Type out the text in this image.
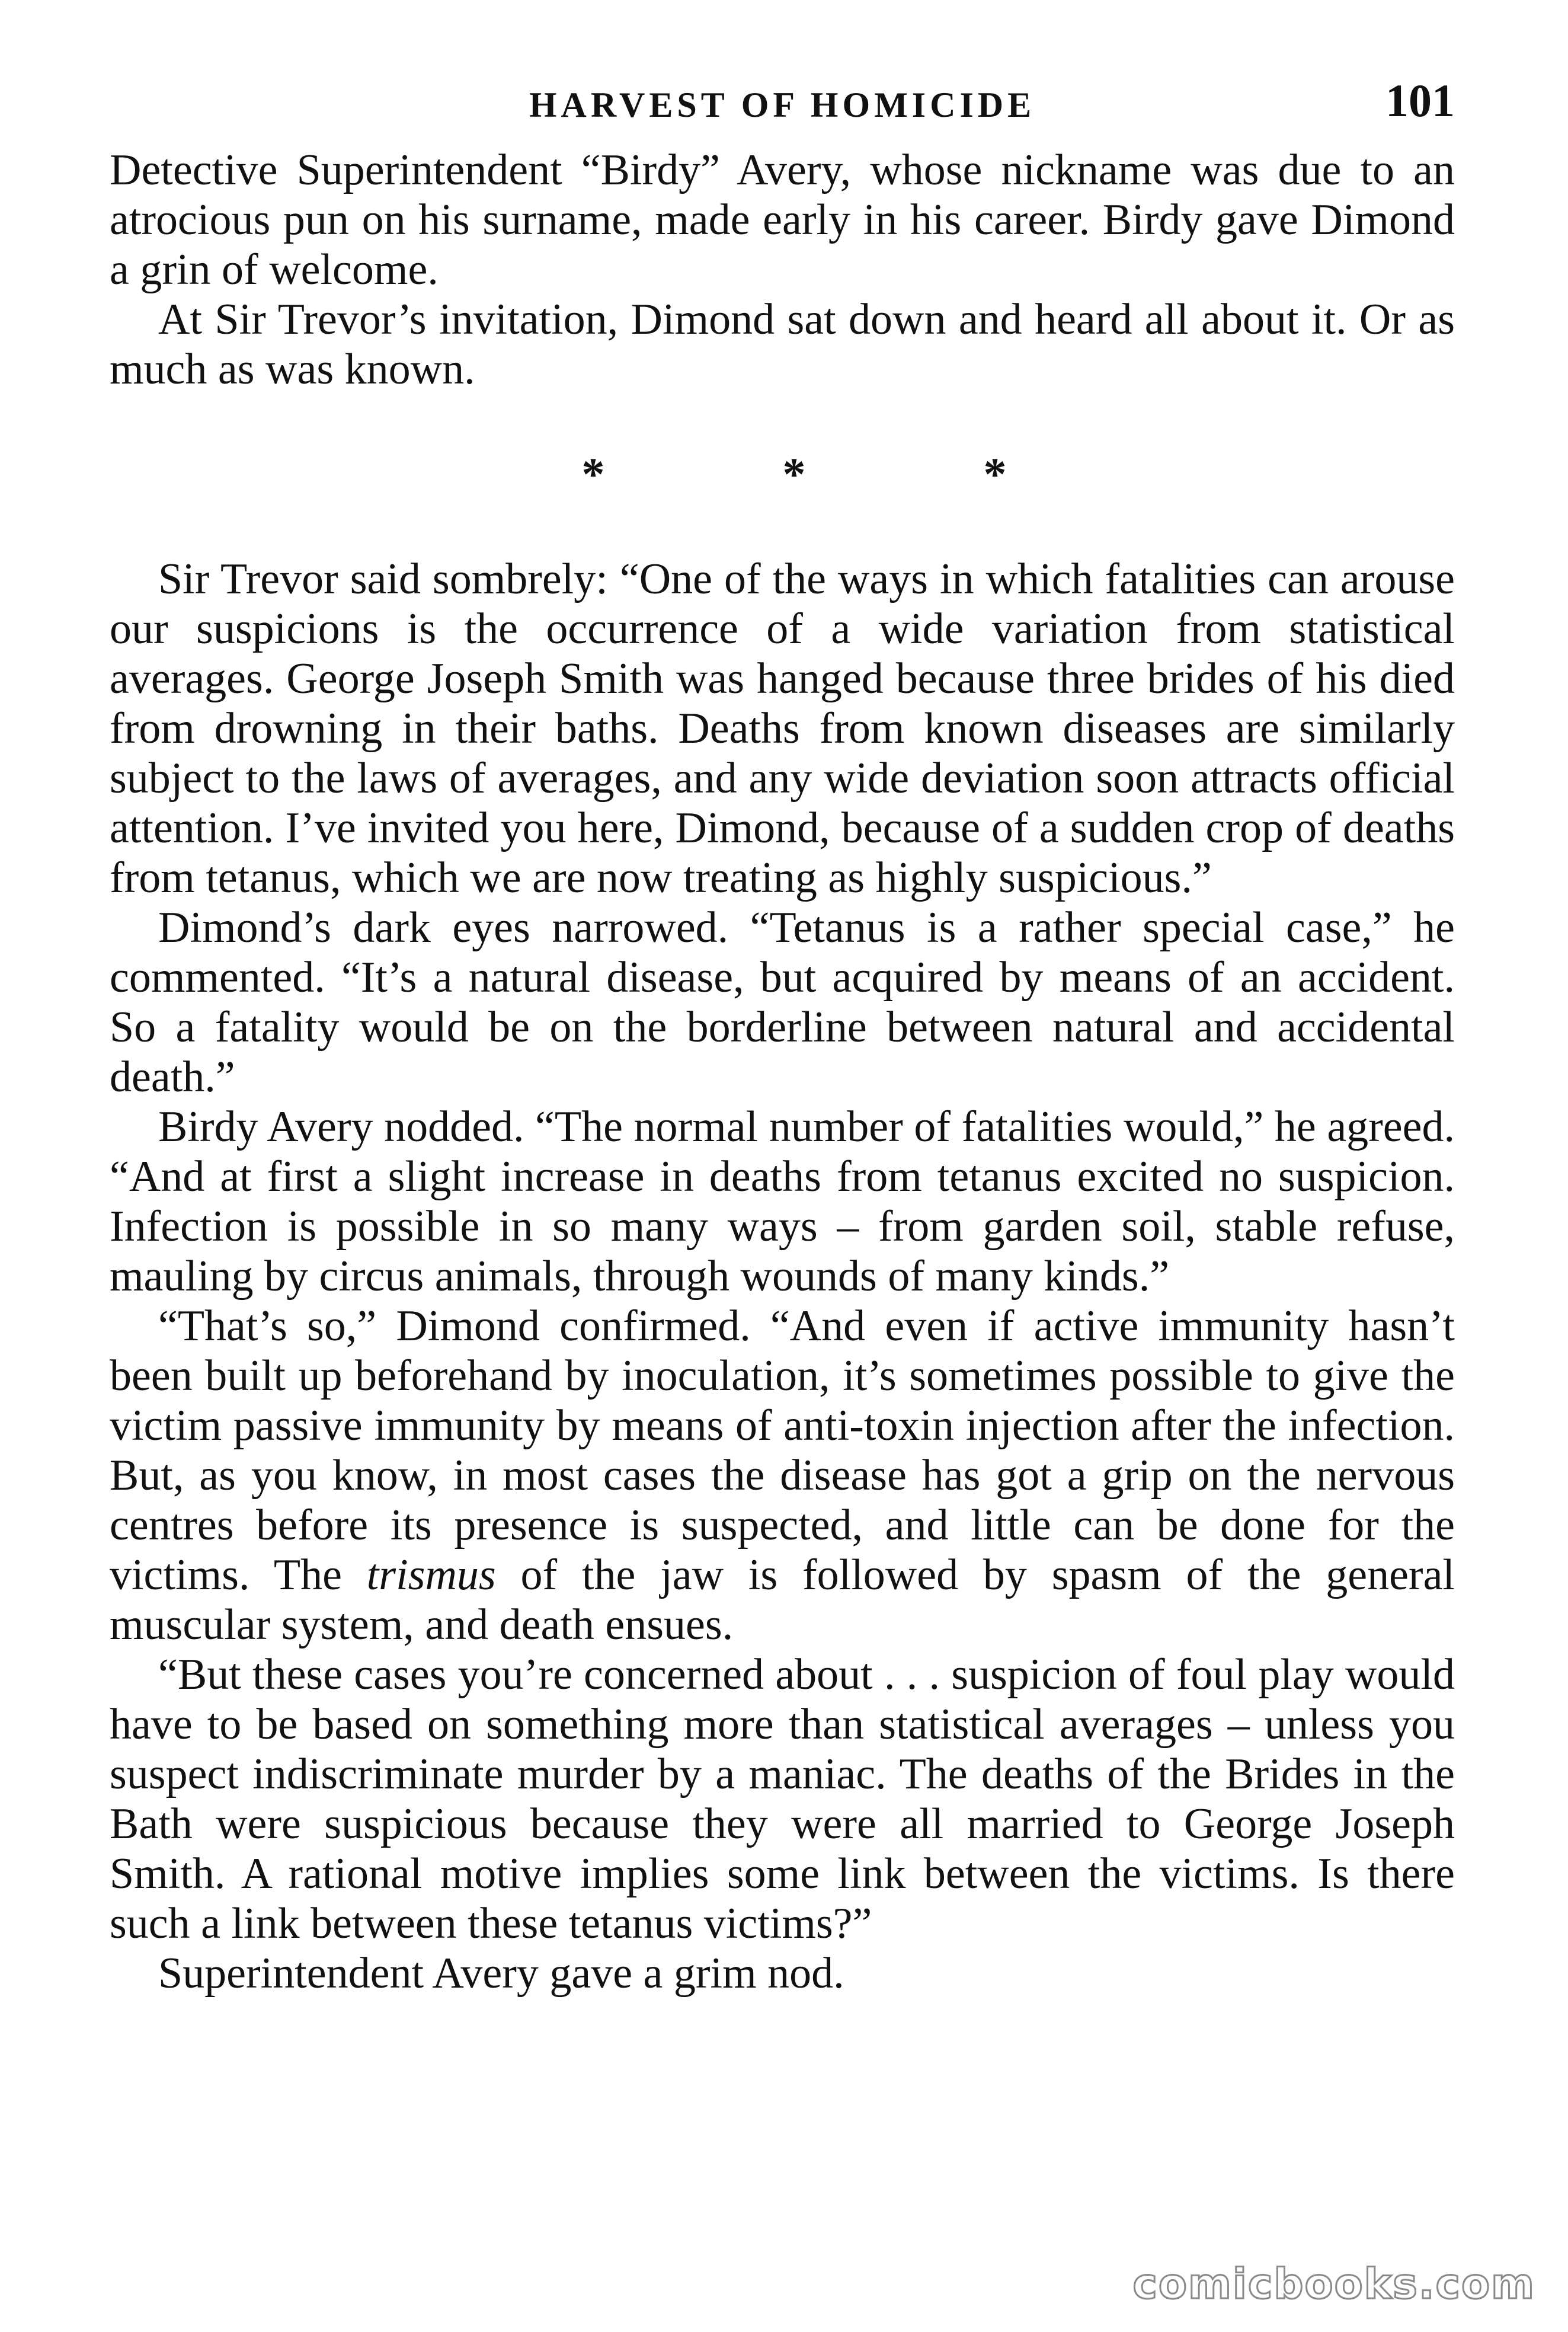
HARVEST OF HOMICIDE	101

Detective Superintendent “Birdy” Avery, whose nickname was due to an atrocious pun on his surname, made early in his career. Birdy gave Dimond a grin of welcome.

At Sir Trevor’s invitation, Dimond sat down and heard all about it. Or as much as was known.

*	*	*

Sir Trevor said sombrely: “One of the ways in which fatalities can arouse our suspicions is the occurrence of a wide variation from statistical averages. George Joseph Smith was hanged because three brides of his died from drowning in their baths. Deaths from known diseases are similarly subject to the laws of averages, and any wide deviation soon attracts official attention. I’ve invited you here, Dimond, because of a sudden crop of deaths from tetanus, which we are now treating as highly suspicious.”

Dimond’s dark eyes narrowed. “Tetanus is a rather special case,” he commented. “It’s a natural disease, but acquired by means of an accident. So a fatality would be on the borderline between natural and accidental death.”

Birdy Avery nodded. “The normal number of fatalities would,” he agreed. “And at first a slight increase in deaths from tetanus excited no suspicion. Infection is possible in so many ways – from garden soil, stable refuse, mauling by circus animals, through wounds of many kinds.”

“That’s so,” Dimond confirmed. “And even if active immunity hasn’t been built up beforehand by inoculation, it’s sometimes possible to give the victim passive immunity by means of anti-toxin injection after the infection. But, as you know, in most cases the disease has got a grip on the nervous centres before its presence is suspected, and little can be done for the victims. The trismus of the jaw is followed by spasm of the general muscular system, and death ensues.

“But these cases you’re concerned about . . . suspicion of foul play would have to be based on something more than statistical averages – unless you suspect indiscriminate murder by a maniac. The deaths of the Brides in the Bath were suspicious because they were all married to George Joseph Smith. A rational motive implies some link between the victims. Is there such a link between these tetanus victims?”

Superintendent Avery gave a grim nod.

comicbooks.com
